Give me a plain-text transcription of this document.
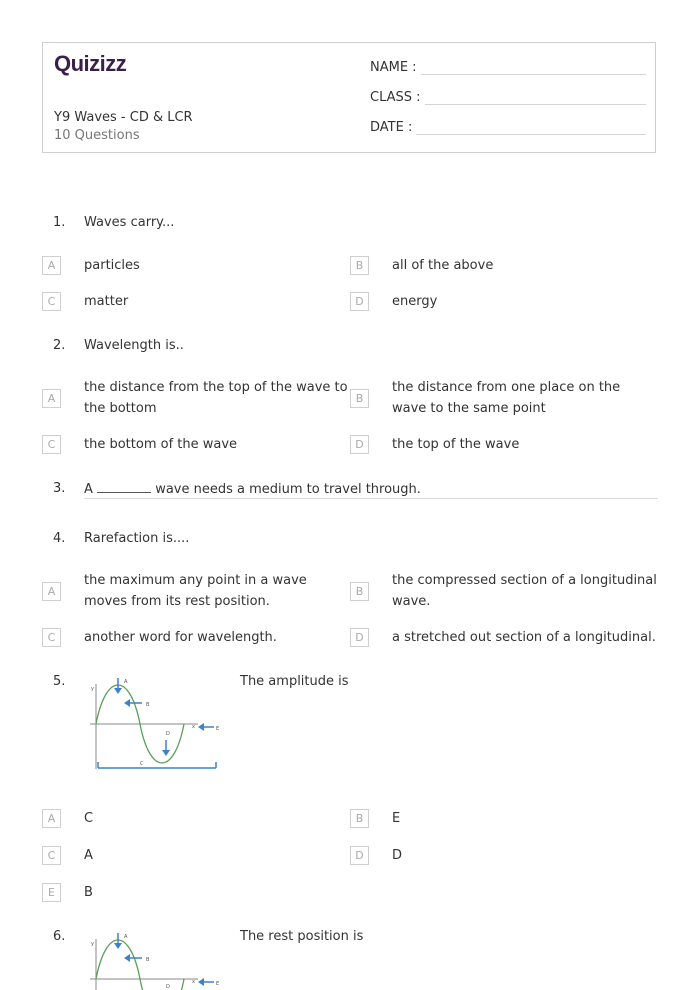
Quizizz
Y9 Waves - CD & LCR
10 Questions
NAME :
CLASS :
DATE :
1. Waves carry...
A	particles	B	all of the above
C	matter	D	energy
2. Wavelength is..
A
the distance from the top of the wave to the bottom
B
the distance from one place on the wave to the same point
C	the bottom of the wave	D	the top of the wave
3. A	wave needs a medium to travel through.
4. Rarefaction is....
A
the maximum any point in a wave moves from its rest position.
B
the compressed section of a longitudinal wave.
C	another word for wavelength.	D	a stretched out section of a longitudinal.
5.	A
B
C
D
E
x
y	The amplitude is
A	C	B	E
C	A	D	D
E	B
6.	A
B
D	E
x
y	The rest position is
